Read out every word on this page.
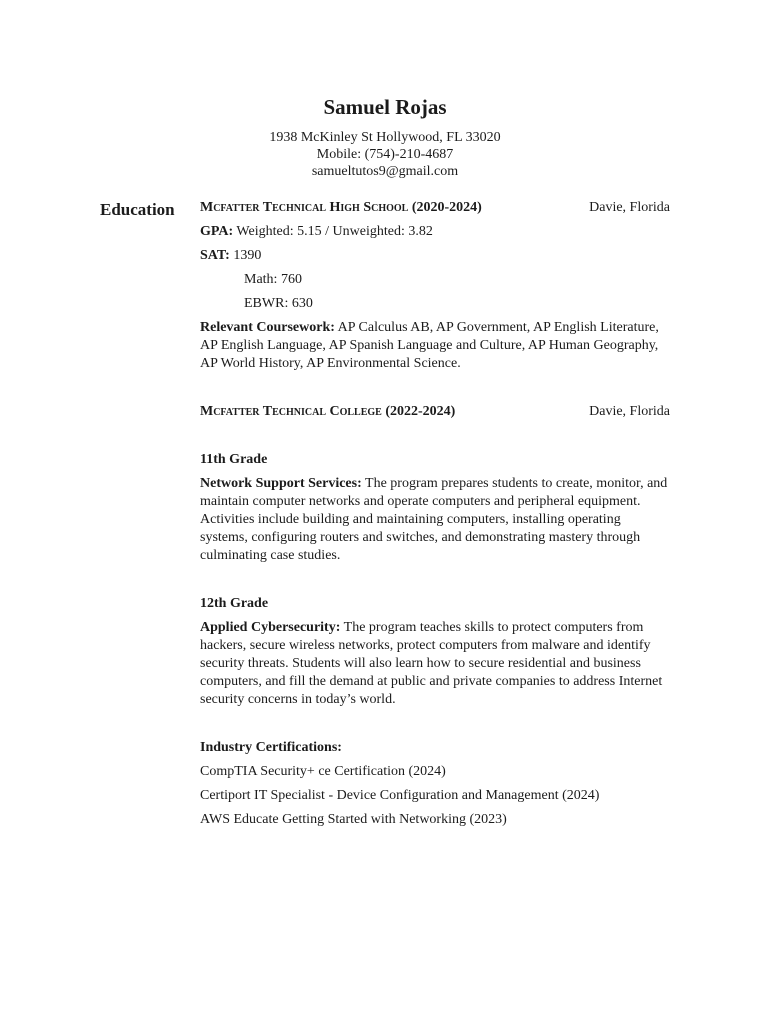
Samuel Rojas
1938 McKinley St Hollywood, FL 33020
Mobile: (754)-210-4687
samueltutos9@gmail.com
Education Mcfatter Technical High School (2020-2024)	Davie, Florida
GPA: Weighted: 5.15 / Unweighted: 3.82
SAT: 1390
Math: 760
EBWR: 630
Relevant Coursework: AP Calculus AB, AP Government, AP English Literature, AP English Language, AP Spanish Language and Culture, AP Human Geography, AP World History, AP Environmental Science.
Mcfatter Technical College (2022-2024)	Davie, Florida
11th Grade
Network Support Services: The program prepares students to create, monitor, and maintain computer networks and operate computers and peripheral equipment. Activities include building and maintaining computers, installing operating systems, configuring routers and switches, and demonstrating mastery through culminating case studies.
12th Grade
Applied Cybersecurity: The program teaches skills to protect computers from hackers, secure wireless networks, protect computers from malware and identify security threats. Students will also learn how to secure residential and business computers, and fill the demand at public and private companies to address Internet security concerns in today’s world.
Industry Certifications:
CompTIA Security+ ce Certification (2024)
Certiport IT Specialist - Device Configuration and Management (2024)
AWS Educate Getting Started with Networking (2023)
